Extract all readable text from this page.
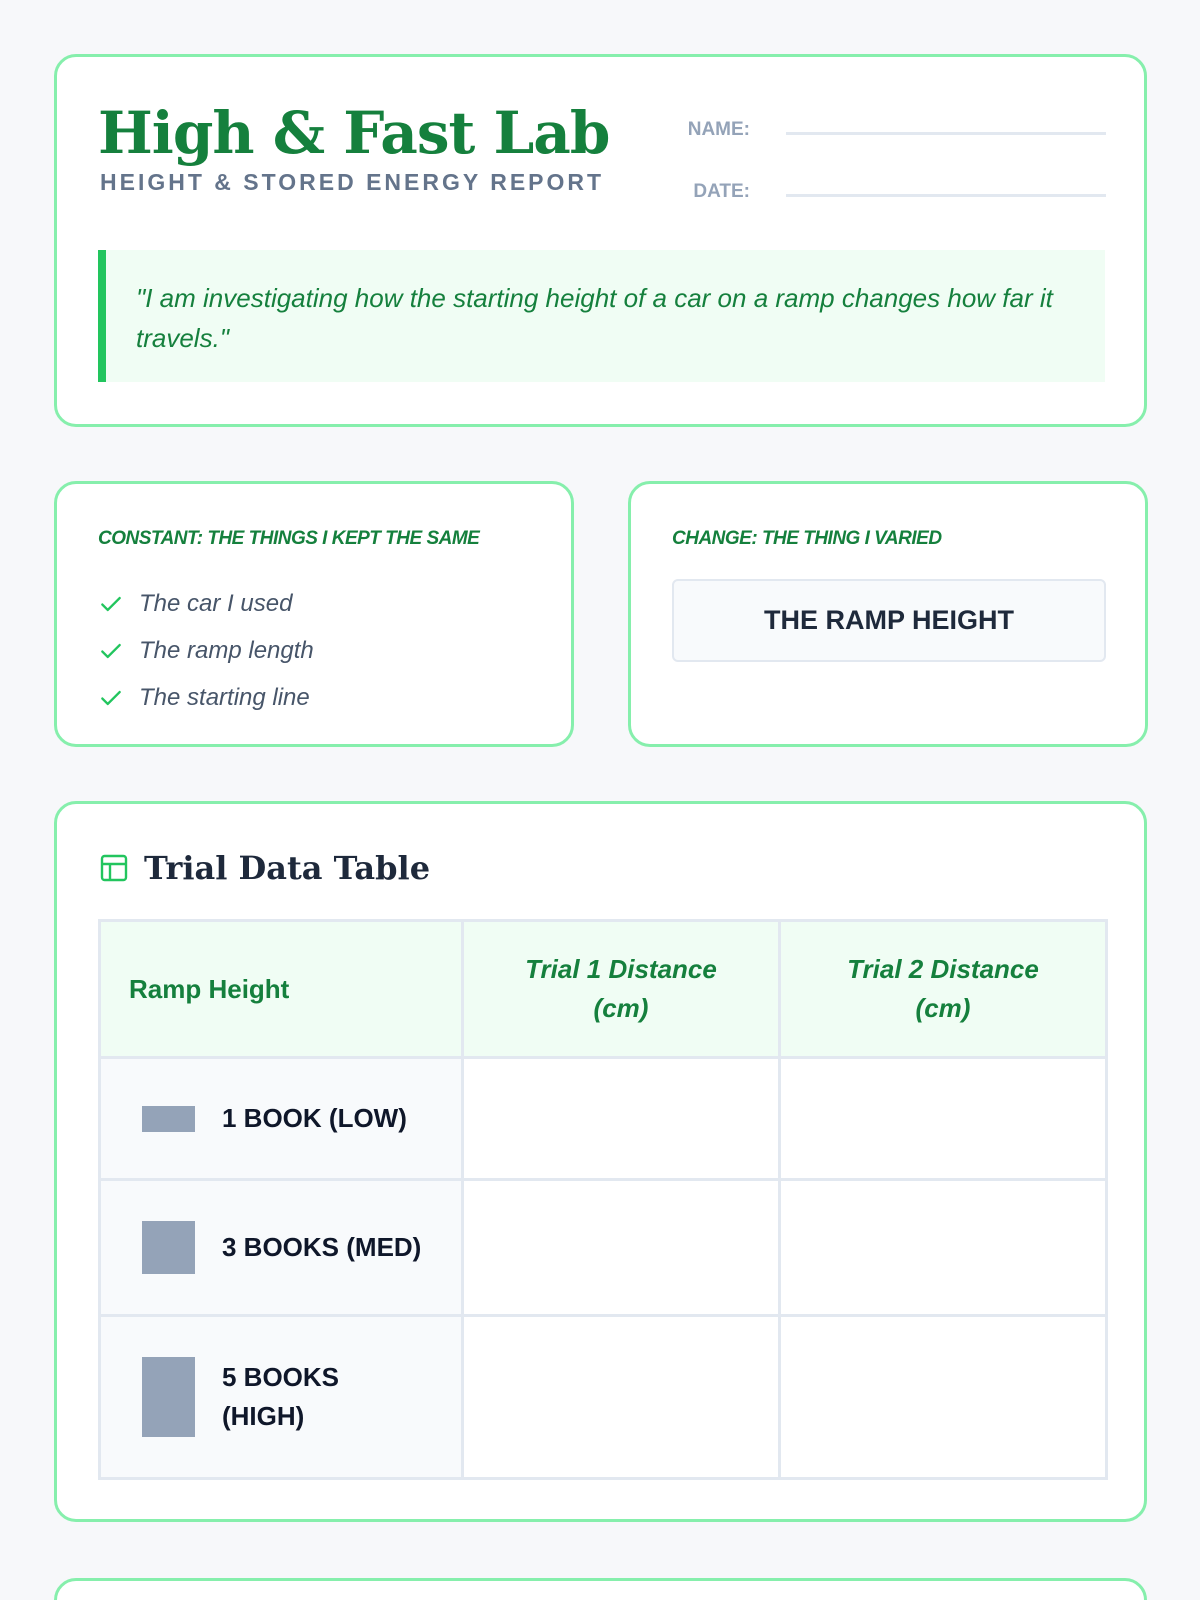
High & Fast Lab
HEIGHT & STORED ENERGY REPORT
NAME:
DATE:

"I am investigating how the starting height of a car on a ramp changes how far it travels."

CONSTANT: THE THINGS I KEPT THE SAME
The car I used
The ramp length
The starting line
CHANGE: THE THING I VARIED
THE RAMP HEIGHT
Trial Data Table
Ramp Height	Trial 1 Distance (cm)	Trial 2 Distance (cm)

1 BOOK (LOW)		

3 BOOKS (MED)		

5 BOOKS (HIGH)		
